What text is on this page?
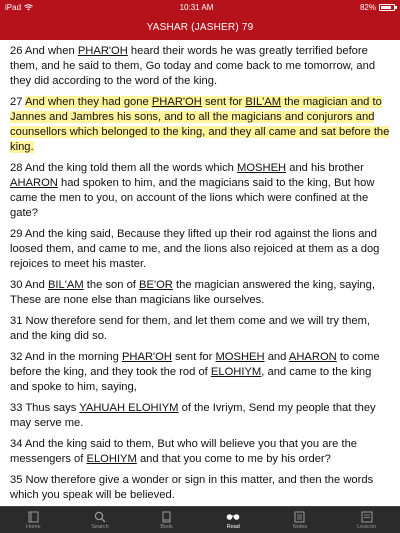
iPad	10:31 AM	82%
YASHAR (JASHER) 79
26 And when PHAR'OH heard their words he was greatly terrified before them, and he said to them, Go today and come back to me tomorrow, and they did according to the word of the king.
27 And when they had gone PHAR'OH sent for BIL'AM the magician and to Jannes and Jambres his sons, and to all the magicians and conjurors and counsellors which belonged to the king, and they all came and sat before the king.
28 And the king told them all the words which MOSHEH and his brother AHARON had spoken to him, and the magicians said to the king, But how came the men to you, on account of the lions which were confined at the gate?
29 And the king said, Because they lifted up their rod against the lions and loosed them, and came to me, and the lions also rejoiced at them as a dog rejoices to meet his master.
30 And BIL'AM the son of BE'OR the magician answered the king, saying, These are none else than magicians like ourselves.
31 Now therefore send for them, and let them come and we will try them, and the king did so.
32 And in the morning PHAR'OH sent for MOSHEH and AHARON to come before the king, and they took the rod of ELOHIYM, and came to the king and spoke to him, saying,
33 Thus says YAHUAH ELOHIYM of the Ivriym, Send my people that they may serve me.
34 And the king said to them, But who will believe you that you are the messengers of ELOHIYM and that you come to me by his order?
35 Now therefore give a wonder or sign in this matter, and then the words which you speak will be believed.
Home	Search	Book	Read	Notes	Lexicon
